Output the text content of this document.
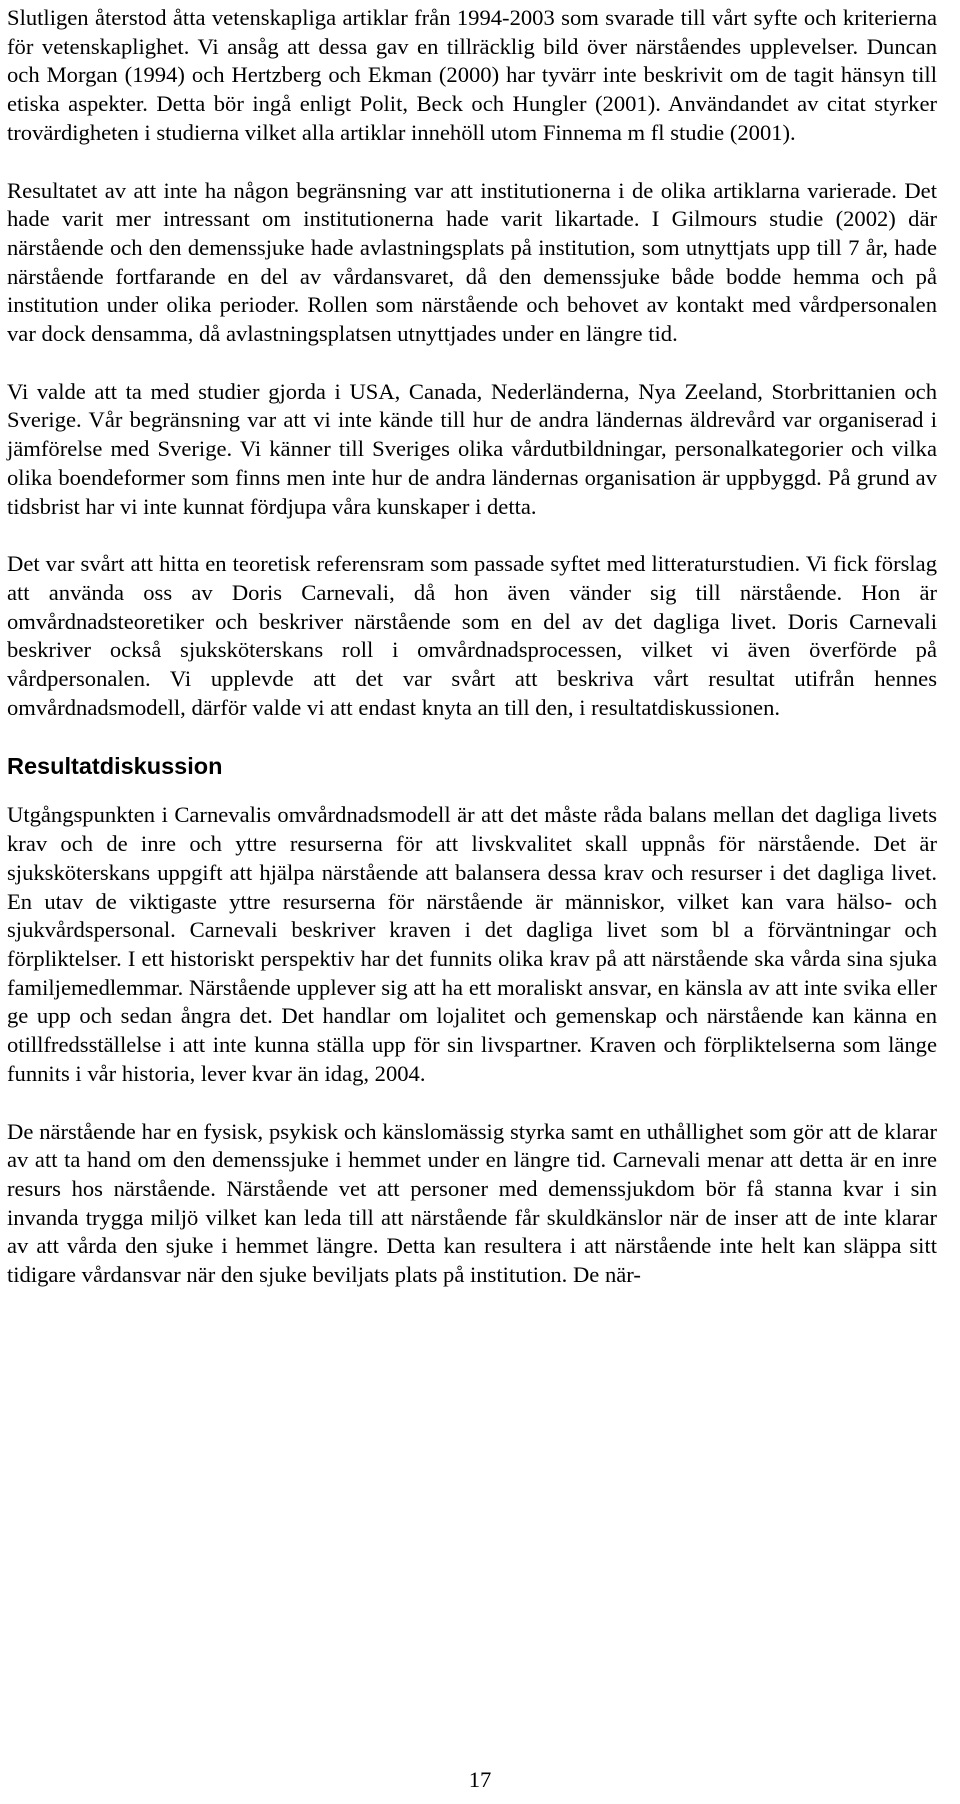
Slutligen återstod åtta vetenskapliga artiklar från 1994-2003 som svarade till vårt syfte och kriterierna för vetenskaplighet. Vi ansåg att dessa gav en tillräcklig bild över närståendes upplevelser. Duncan och Morgan (1994) och Hertzberg och Ekman (2000) har tyvärr inte beskrivit om de tagit hänsyn till etiska aspekter. Detta bör ingå enligt Polit, Beck och Hungler (2001). Användandet av citat styrker trovärdigheten i studierna vilket alla artiklar innehöll utom Finnema m fl studie (2001).

Resultatet av att inte ha någon begränsning var att institutionerna i de olika artiklarna varierade. Det hade varit mer intressant om institutionerna hade varit likartade. I Gilmours studie (2002) där närstående och den demenssjuke hade avlastningsplats på institution, som utnyttjats upp till 7 år, hade närstående fortfarande en del av vårdansvaret, då den demenssjuke både bodde hemma och på institution under olika perioder. Rollen som närstående och behovet av kontakt med vårdpersonalen var dock densamma, då avlastningsplatsen utnyttjades under en längre tid.

Vi valde att ta med studier gjorda i USA, Canada, Nederländerna, Nya Zeeland, Storbrittanien och Sverige. Vår begränsning var att vi inte kände till hur de andra ländernas äldrevård var organiserad i jämförelse med Sverige. Vi känner till Sveriges olika vårdutbildningar, personalkategorier och vilka olika boendeformer som finns men inte hur de andra ländernas organisation är uppbyggd. På grund av tidsbrist har vi inte kunnat fördjupa våra kunskaper i detta.

Det var svårt att hitta en teoretisk referensram som passade syftet med litteraturstudien. Vi fick förslag att använda oss av Doris Carnevali, då hon även vänder sig till närstående. Hon är omvårdnadsteoretiker och beskriver närstående som en del av det dagliga livet. Doris Carnevali beskriver också sjuksköterskans roll i omvårdnadsprocessen, vilket vi även överförde på vårdpersonalen. Vi upplevde att det var svårt att beskriva vårt resultat utifrån hennes omvårdnadsmodell, därför valde vi att endast knyta an till den, i resultatdiskussionen.

Resultatdiskussion

Utgångspunkten i Carnevalis omvårdnadsmodell är att det måste råda balans mellan det dagliga livets krav och de inre och yttre resurserna för att livskvalitet skall uppnås för närstående. Det är sjuksköterskans uppgift att hjälpa närstående att balansera dessa krav och resurser i det dagliga livet. En utav de viktigaste yttre resurserna för närstående är människor, vilket kan vara hälso- och sjukvårdspersonal. Carnevali beskriver kraven i det dagliga livet som bl a förväntningar och förpliktelser. I ett historiskt perspektiv har det funnits olika krav på att närstående ska vårda sina sjuka familjemedlemmar. Närstående upplever sig att ha ett moraliskt ansvar, en känsla av att inte svika eller ge upp och sedan ångra det. Det handlar om lojalitet och gemenskap och närstående kan känna en otillfredsställelse i att inte kunna ställa upp för sin livspartner. Kraven och förpliktelserna som länge funnits i vår historia, lever kvar än idag, 2004.

De närstående har en fysisk, psykisk och känslomässig styrka samt en uthållighet som gör att de klarar av att ta hand om den demenssjuke i hemmet under en längre tid. Carnevali menar att detta är en inre resurs hos närstående. Närstående vet att personer med demenssjukdom bör få stanna kvar i sin invanda trygga miljö vilket kan leda till att närstående får skuldkänslor när de inser att de inte klarar av att vårda den sjuke i hemmet längre. Detta kan resultera i att närstående inte helt kan släppa sitt tidigare vårdansvar när den sjuke beviljats plats på institution. De när-

17
